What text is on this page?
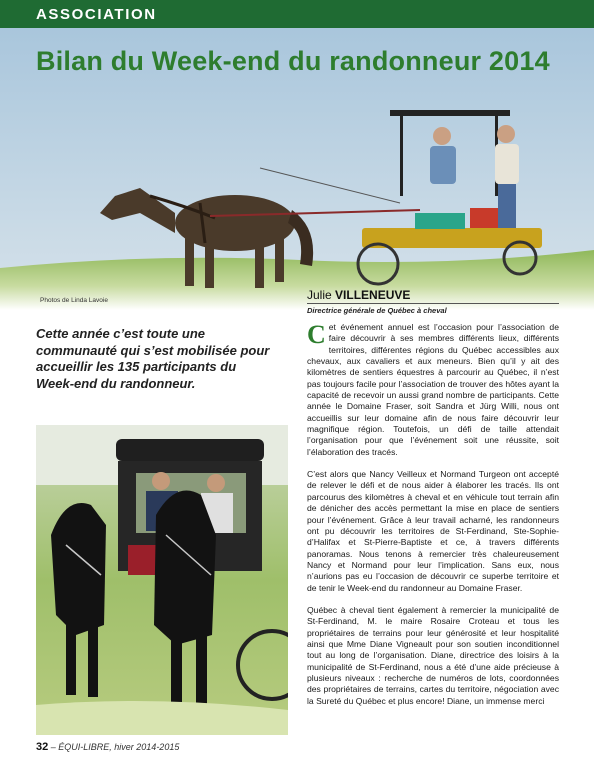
ASSOCIATION
Bilan du Week-end du randonneur 2014
Photos de Linda Lavoie	Julie VILLENEUVE
Directrice générale de Québec à cheval
Cette année c’est toute une communauté qui s’est mobilisée pour accueillir les 135 participants du Week-end du randonneur.

Cet événement annuel est l’occasion pour l’association de faire découvrir à ses membres différents lieux, différents territoires, différentes régions du Québec accessibles aux chevaux, aux cavaliers et aux meneurs. Bien qu’il y ait des kilomètres de sentiers équestres à parcourir au Québec, il n’est pas toujours facile pour l’association de trouver des hôtes ayant la capacité de recevoir un aussi grand nombre de participants. Cette année le Domaine Fraser, soit Sandra et Jürg Willi, nous ont accueillis sur leur domaine afin de nous faire découvrir leur magnifique région. Toutefois, un défi de taille attendait l’organisation pour que l’événement soit une réussite, soit l’élaboration des tracés.

C’est alors que Nancy Veilleux et Normand Turgeon ont accepté de relever le défi et de nous aider à élaborer les tracés. Ils ont parcourus des kilomètres à cheval et en véhicule tout terrain afin de dénicher des accès permettant la mise en place de sentiers pour l’événement. Grâce à leur travail acharné, les randonneurs ont pu découvrir les territoires de St-Ferdinand, Ste-Sophie-d’Halifax et St-Pierre-Baptiste et ce, à travers différents panoramas. Nous tenons à remercier très chaleureusement Nancy et Normand pour leur l’implication. Sans eux, nous n’aurions pas eu l’occasion de découvrir ce superbe territoire et de tenir le Week-end du randonneur au Domaine Fraser.

Québec à cheval tient également à remercier la municipalité de St-Ferdinand, M. le maire Rosaire Croteau et tous les propriétaires de terrains pour leur générosité et leur hospitalité ainsi que Mme Diane Vigneault pour son soutien inconditionnel tout au long de l’organisation. Diane, directrice des loisirs à la municipalité de St-Ferdinand, nous a été d’une aide précieuse à plusieurs niveaux : recherche de numéros de lots, coordonnées des propriétaires de terrains, cartes du territoire, négociation avec la Sureté du Québec et plus encore! Diane, un immense merci

32 – ÉQUI-LIBRE, hiver 2014-2015
